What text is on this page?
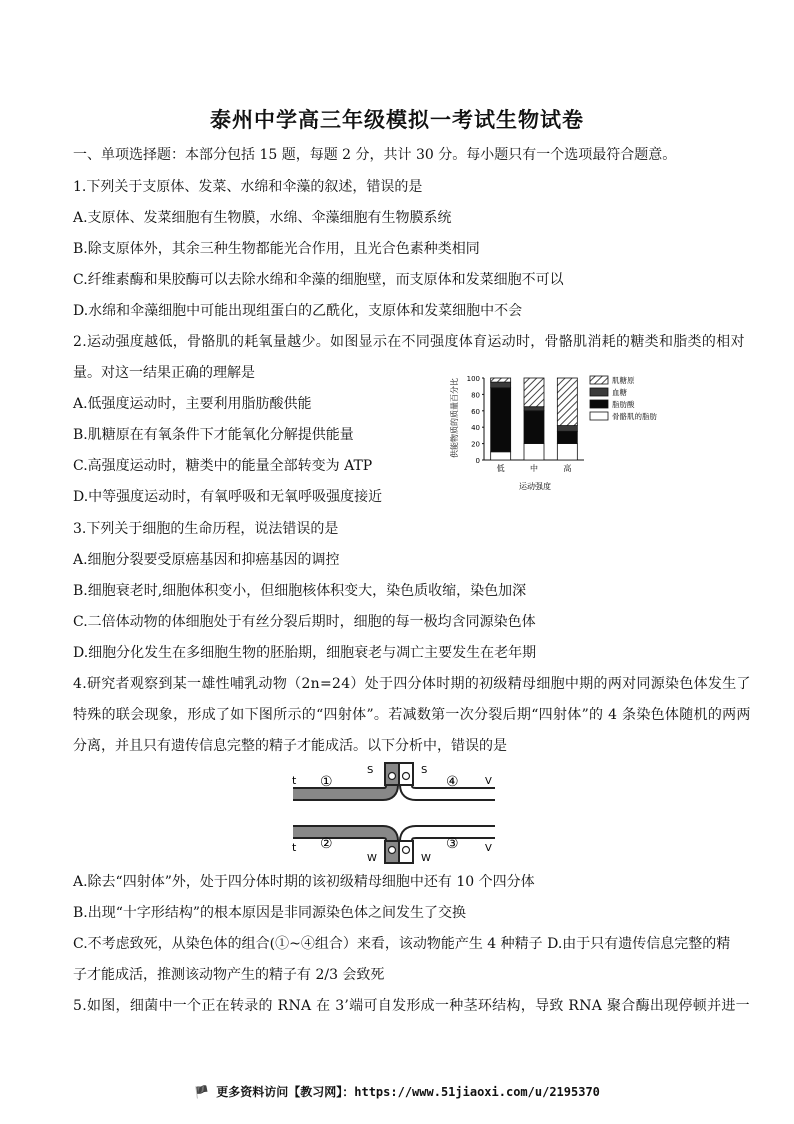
泰州中学高三年级模拟一考试生物试卷
一、单项选择题：本部分包括 15 题，每题 2 分，共计 30 分。每小题只有一个选项最符合题意。
1.下列关于支原体、发菜、水绵和伞藻的叙述，错误的是
A.支原体、发菜细胞有生物膜，水绵、伞藻细胞有生物膜系统
B.除支原体外，其余三种生物都能光合作用，且光合色素种类相同
C.纤维素酶和果胶酶可以去除水绵和伞藻的细胞壁，而支原体和发菜细胞不可以
D.水绵和伞藻细胞中可能出现组蛋白的乙酰化，支原体和发菜细胞中不会
2.运动强度越低，骨骼肌的耗氧量越少。如图显示在不同强度体育运动时，骨骼肌消耗的糖类和脂类的相对
量。对这一结果正确的理解是
A.低强度运动时，主要利用脂肪酸供能
B.肌糖原在有氧条件下才能氧化分解提供能量
C.高强度运动时，糖类中的能量全部转变为 ATP
D.中等强度运动时，有氧呼吸和无氧呼吸强度接近
供能物质的质量百分比
0
20
40
60
80
100
低	中	高
运动强度
肌糖原
血糖
脂肪酸
骨骼肌的脂肪
3.下列关于细胞的生命历程，说法错误的是
A.细胞分裂要受原癌基因和抑癌基因的调控
B.细胞衰老时,细胞体积变小，但细胞核体积变大，染色质收缩，染色加深
C.二倍体动物的体细胞处于有丝分裂后期时，细胞的每一极均含同源染色体
D.细胞分化发生在多细胞生物的胚胎期，细胞衰老与凋亡主要发生在老年期
4.研究者观察到某一雄性哺乳动物（2n=24）处于四分体时期的初级精母细胞中期的两对同源染色体发生了
特殊的联会现象，形成了如下图所示的“四射体”。若减数第一次分裂后期“四射体”的 4 条染色体随机的两两
分离，并且只有遗传信息完整的精子才能成活。以下分析中，错误的是
t
t
S	S
W	W
V
V
①
②	③
④
A.除去“四射体”外，处于四分体时期的该初级精母细胞中还有 10 个四分体
B.出现“十字形结构”的根本原因是非同源染色体之间发生了交换
C.不考虑致死，从染色体的组合(①~④组合）来看，该动物能产生 4 种精子 D.由于只有遗传信息完整的精
子才能成活，推测该动物产生的精子有 2/3 会致死
5.如图，细菌中一个正在转录的 RNA 在 3’端可自发形成一种茎环结构，导致 RNA 聚合酶出现停顿并进一
🏴 更多资料访问【教习网】：https://www.51jiaoxi.com/u/2195370
